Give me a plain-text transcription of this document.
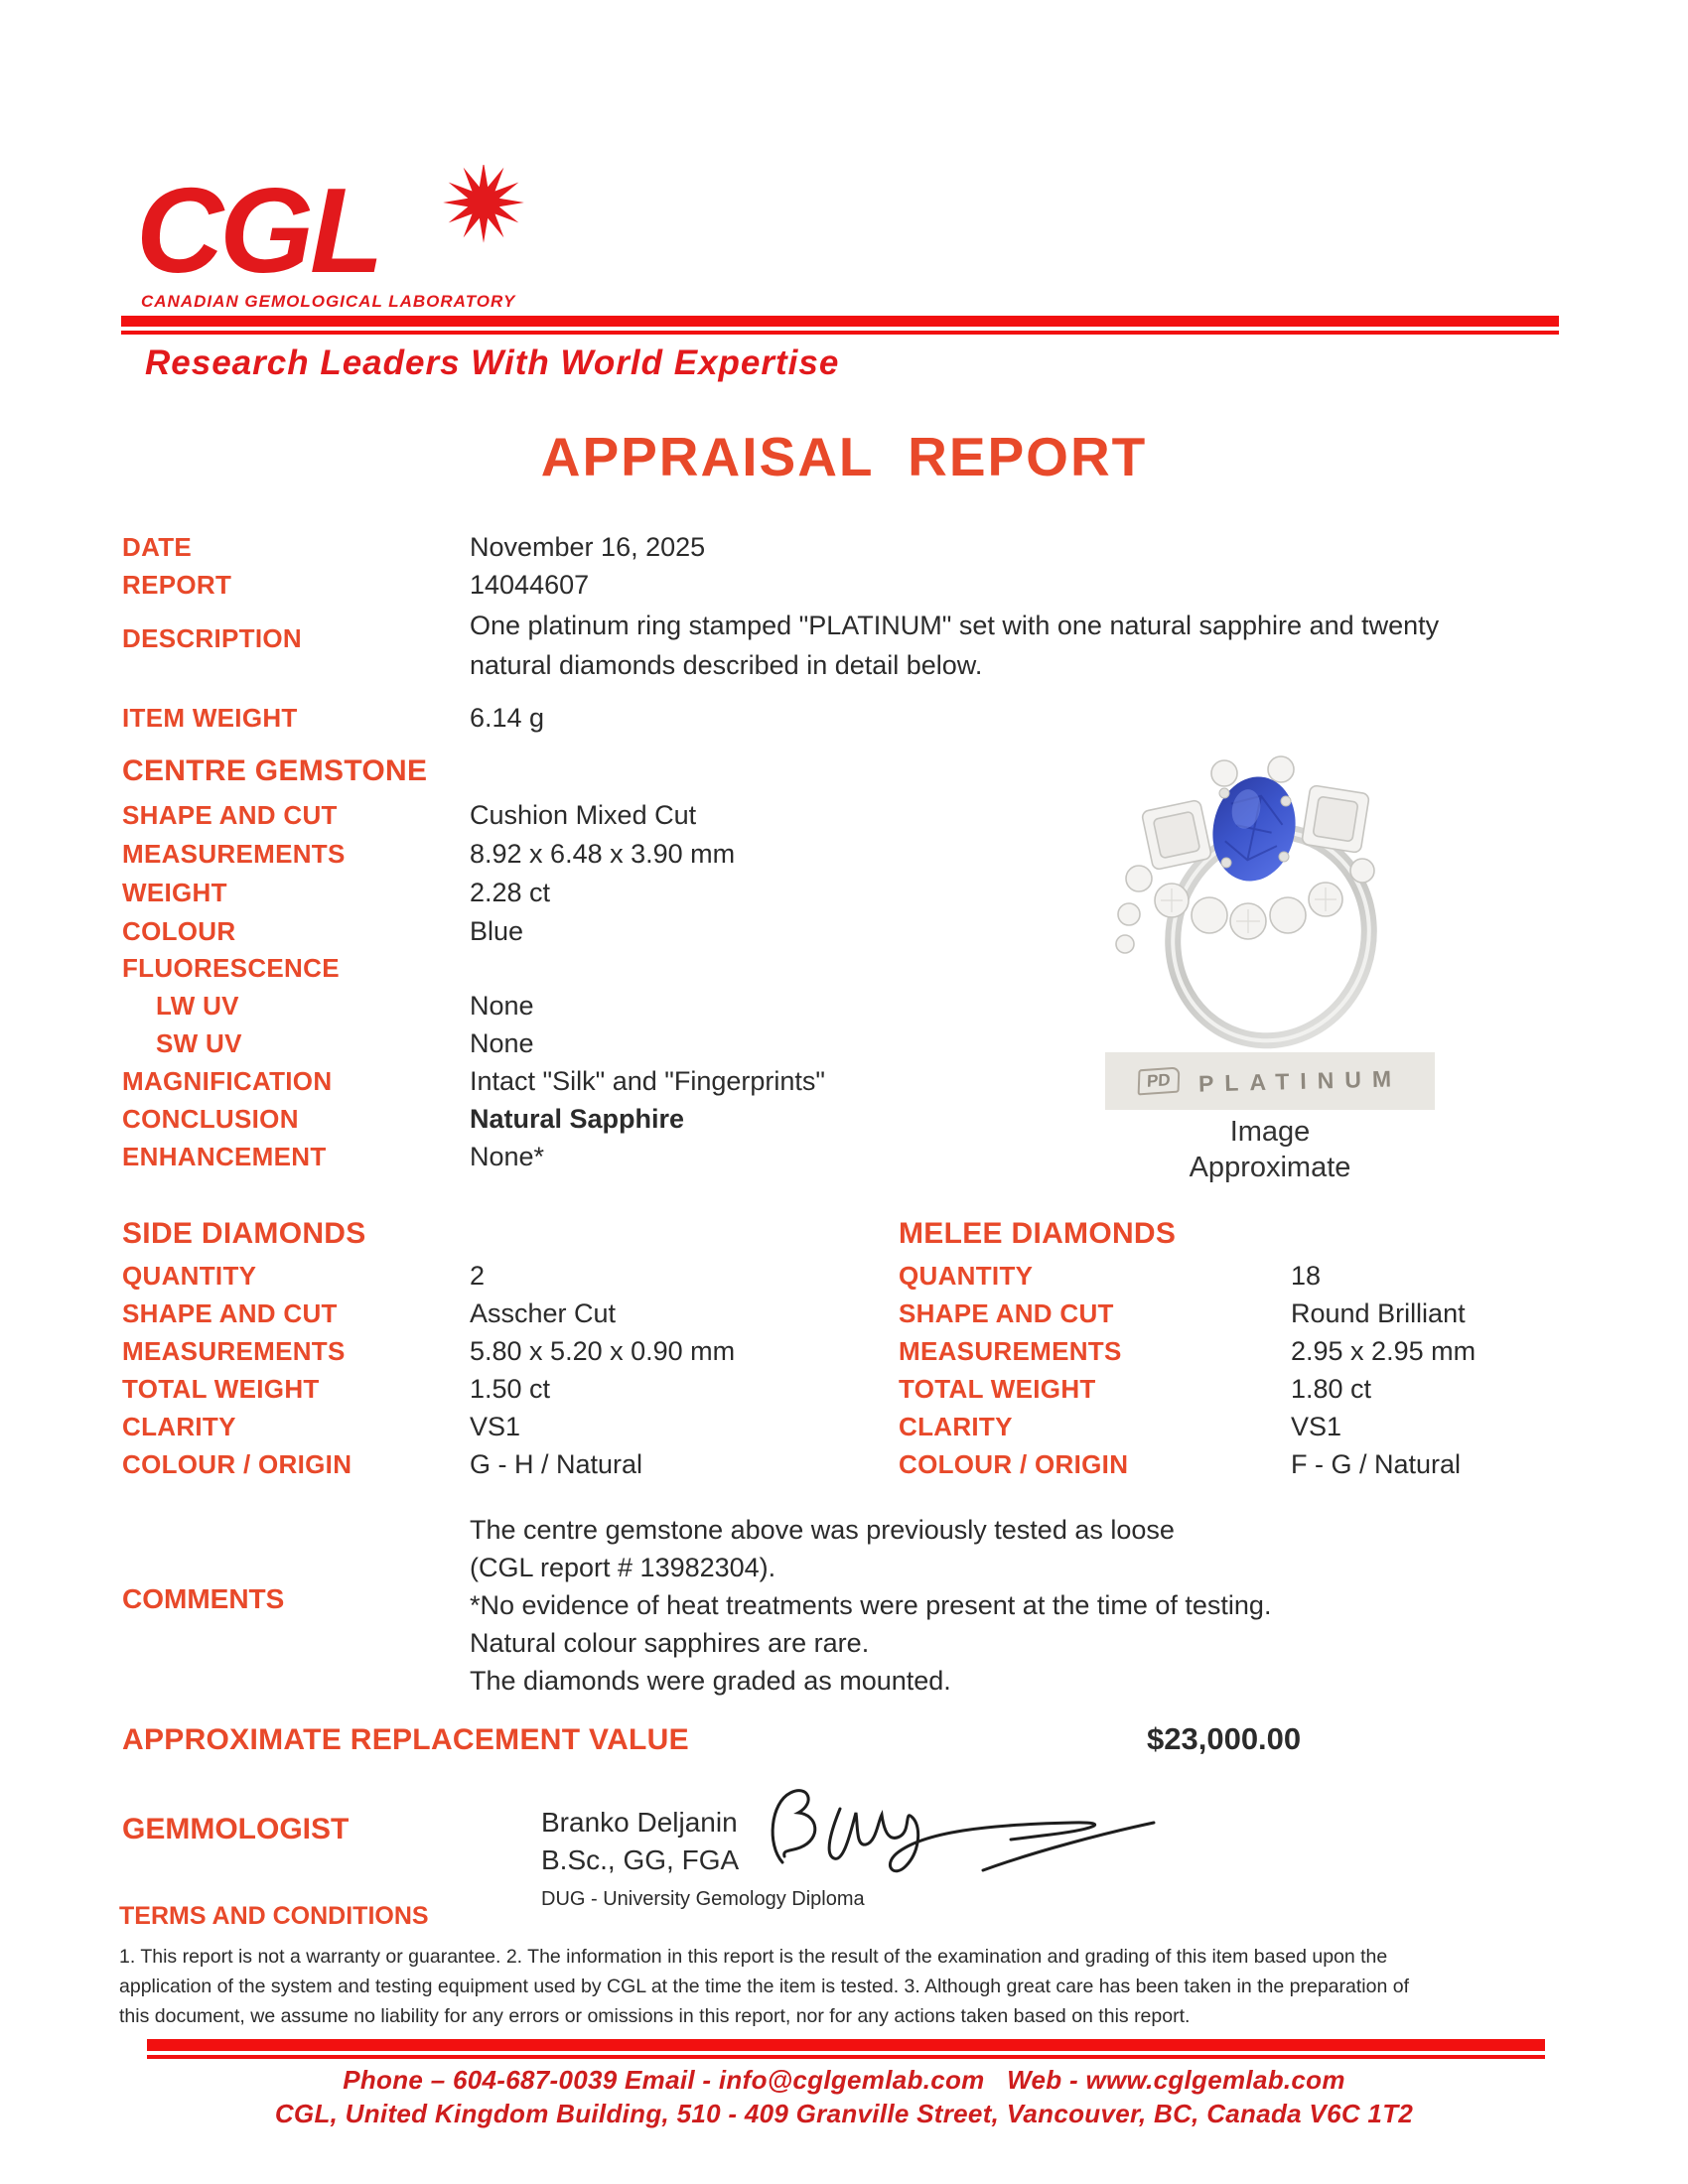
CGL
CANADIAN GEMOLOGICAL LABORATORY
Research Leaders With World Expertise
APPRAISAL  REPORT
DATE	November 16, 2025
REPORT	14044607
DESCRIPTION	One platinum ring stamped "PLATINUM" set with one natural sapphire and twenty
natural diamonds described in detail below.
ITEM WEIGHT	6.14 g
CENTRE GEMSTONE
SHAPE AND CUT	Cushion Mixed Cut
MEASUREMENTS	8.92 x 6.48 x 3.90 mm
WEIGHT	2.28 ct
COLOUR	Blue
FLUORESCENCE
LW UV	None
SW UV	None
MAGNIFICATION	Intact "Silk" and "Fingerprints"
CONCLUSION	Natural Sapphire
ENHANCEMENT	None*
PD	PLATINUM
Image
Approximate
SIDE DIAMONDS
QUANTITY	2
SHAPE AND CUT	Asscher Cut
MEASUREMENTS	5.80 x 5.20 x 0.90 mm
TOTAL WEIGHT	1.50 ct
CLARITY	VS1
COLOUR / ORIGIN	G - H / Natural
MELEE DIAMONDS
QUANTITY	18
SHAPE AND CUT	Round Brilliant
MEASUREMENTS	2.95 x 2.95 mm
TOTAL WEIGHT	1.80 ct
CLARITY	VS1
COLOUR / ORIGIN	F - G / Natural
COMMENTS
The centre gemstone above was previously tested as loose
(CGL report # 13982304).
*No evidence of heat treatments were present at the time of testing.
Natural colour sapphires are rare.
The diamonds were graded as mounted.
APPROXIMATE REPLACEMENT VALUE	$23,000.00
GEMMOLOGIST	Branko Deljanin
B.Sc., GG, FGA
DUG - University Gemology Diploma
TERMS AND CONDITIONS
1. This report is not a warranty or guarantee. 2. The information in this report is the result of the examination and grading of this item based upon the
application of the system and testing equipment used by CGL at the time the item is tested. 3. Although great care has been taken in the preparation of
this document, we assume no liability for any errors or omissions in this report, nor for any actions taken based on this report.
Phone – 604-687-0039 Email - info@cglgemlab.com   Web - www.cglgemlab.com
CGL, United Kingdom Building, 510 - 409 Granville Street, Vancouver, BC, Canada V6C 1T2
